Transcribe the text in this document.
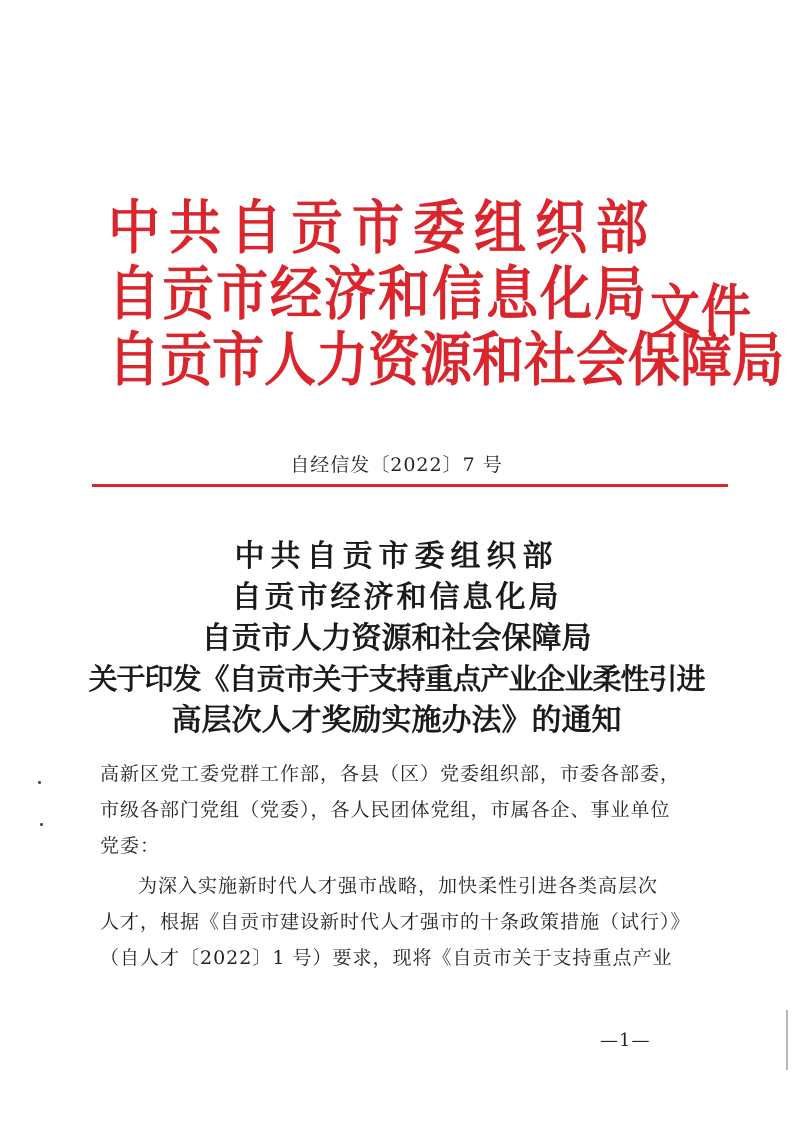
中共自贡市委组织部
自贡市经济和信息化局
自贡市人力资源和社会保障局
文件
自经信发〔2022〕7 号
中共自贡市委组织部
自贡市经济和信息化局
自贡市人力资源和社会保障局
关于印发《自贡市关于支持重点产业企业柔性引进
高层次人才奖励实施办法》的通知
高新区党工委党群工作部，各县（区）党委组织部，市委各部委，
市级各部门党组（党委），各人民团体党组，市属各企、事业单位
党委：
为深入实施新时代人才强市战略，加快柔性引进各类高层次
人才，根据《自贡市建设新时代人才强市的十条政策措施（试行）》
（自人才〔2022〕1 号）要求，现将《自贡市关于支持重点产业
—1—
